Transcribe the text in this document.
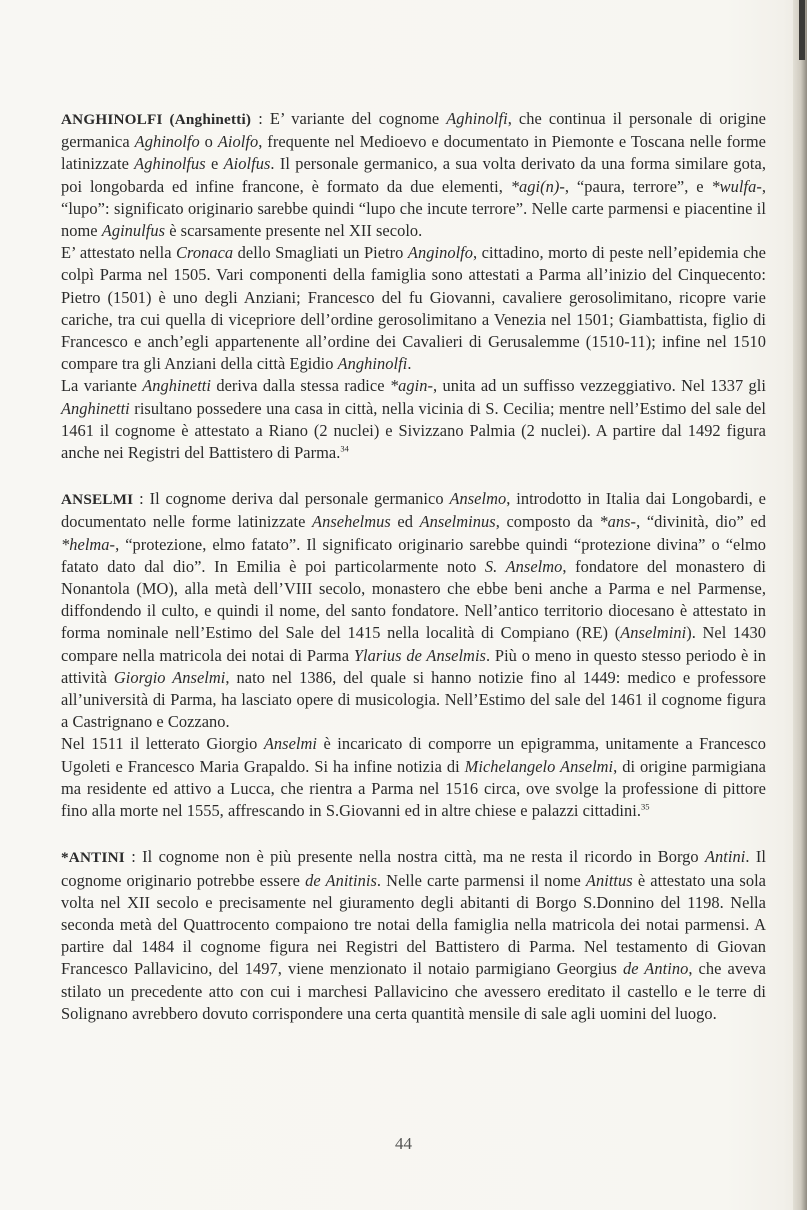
ANGHINOLFI (Anghinetti) : E’ variante del cognome Aghinolfi, che continua il personale di origine germanica Aghinolfo o Aiolfo, frequente nel Medioevo e documentato in Piemonte e Toscana nelle forme latinizzate Aghinolfus e Aiolfus. Il personale germanico, a sua volta derivato da una forma similare gota, poi longobarda ed infine francone, è formato da due elementi, *agi(n)-, “paura, terrore”, e *wulfa-, “lupo”: significato originario sarebbe quindi “lupo che incute terrore”. Nelle carte parmensi e piacentine il nome Aginulfus è scarsamente presente nel XII secolo.

E’ attestato nella Cronaca dello Smagliati un Pietro Anginolfo, cittadino, morto di peste nell’epidemia che colpì Parma nel 1505. Vari componenti della famiglia sono attestati a Parma all’inizio del Cinquecento: Pietro (1501) è uno degli Anziani; Francesco del fu Giovanni, cavaliere gerosolimitano, ricopre varie cariche, tra cui quella di vicepriore dell’ordine gerosolimitano a Venezia nel 1501; Giambattista, figlio di Francesco e anch’egli appartenente all’ordine dei Cavalieri di Gerusalemme (1510-11); infine nel 1510 compare tra gli Anziani della città Egidio Anghinolfi.

La variante Anghinetti deriva dalla stessa radice *agin-, unita ad un suffisso vezzeggiativo. Nel 1337 gli Anghinetti risultano possedere una casa in città, nella vicinia di S. Cecilia; mentre nell’Estimo del sale del 1461 il cognome è attestato a Riano (2 nuclei) e Sivizzano Palmia (2 nuclei). A partire dal 1492 figura anche nei Registri del Battistero di Parma.$^{34}$

ANSELMI : Il cognome deriva dal personale germanico Anselmo, introdotto in Italia dai Longobardi, e documentato nelle forme latinizzate Ansehelmus ed Anselminus, composto da *ans-, “divinità, dio” ed *helma-, “protezione, elmo fatato”. Il significato originario sarebbe quindi “protezione divina” o “elmo fatato dato dal dio”. In Emilia è poi particolarmente noto S. Anselmo, fondatore del monastero di Nonantola (MO), alla metà dell’VIII secolo, monastero che ebbe beni anche a Parma e nel Parmense, diffondendo il culto, e quindi il nome, del santo fondatore. Nell’antico territorio diocesano è attestato in forma nominale nell’Estimo del Sale del 1415 nella località di Compiano (RE) (Anselmini). Nel 1430 compare nella matricola dei notai di Parma Ylarius de Anselmis. Più o meno in questo stesso periodo è in attività Giorgio Anselmi, nato nel 1386, del quale si hanno notizie fino al 1449: medico e professore all’università di Parma, ha lasciato opere di musicologia. Nell’Estimo del sale del 1461 il cognome figura a Castrignano e Cozzano.

Nel 1511 il letterato Giorgio Anselmi è incaricato di comporre un epigramma, unitamente a Francesco Ugoleti e Francesco Maria Grapaldo. Si ha infine notizia di Michelangelo Anselmi, di origine parmigiana ma residente ed attivo a Lucca, che rientra a Parma nel 1516 circa, ove svolge la professione di pittore fino alla morte nel 1555, affrescando in S.Giovanni ed in altre chiese e palazzi cittadini.$^{35}$

*ANTINI : Il cognome non è più presente nella nostra città, ma ne resta il ricordo in Borgo Antini. Il cognome originario potrebbe essere de Anitinis. Nelle carte parmensi il nome Anittus è attestato una sola volta nel XII secolo e precisamente nel giuramento degli abitanti di Borgo S.Donnino del 1198. Nella seconda metà del Quattrocento compaiono tre notai della famiglia nella matricola dei notai parmensi. A partire dal 1484 il cognome figura nei Registri del Battistero di Parma. Nel testamento di Giovan Francesco Pallavicino, del 1497, viene menzionato il notaio parmigiano Georgius de Antino, che aveva stilato un precedente atto con cui i marchesi Pallavicino che avessero ereditato il castello e le terre di Solignano avrebbero dovuto corrispondere una certa quantità mensile di sale agli uomini del luogo.

44
